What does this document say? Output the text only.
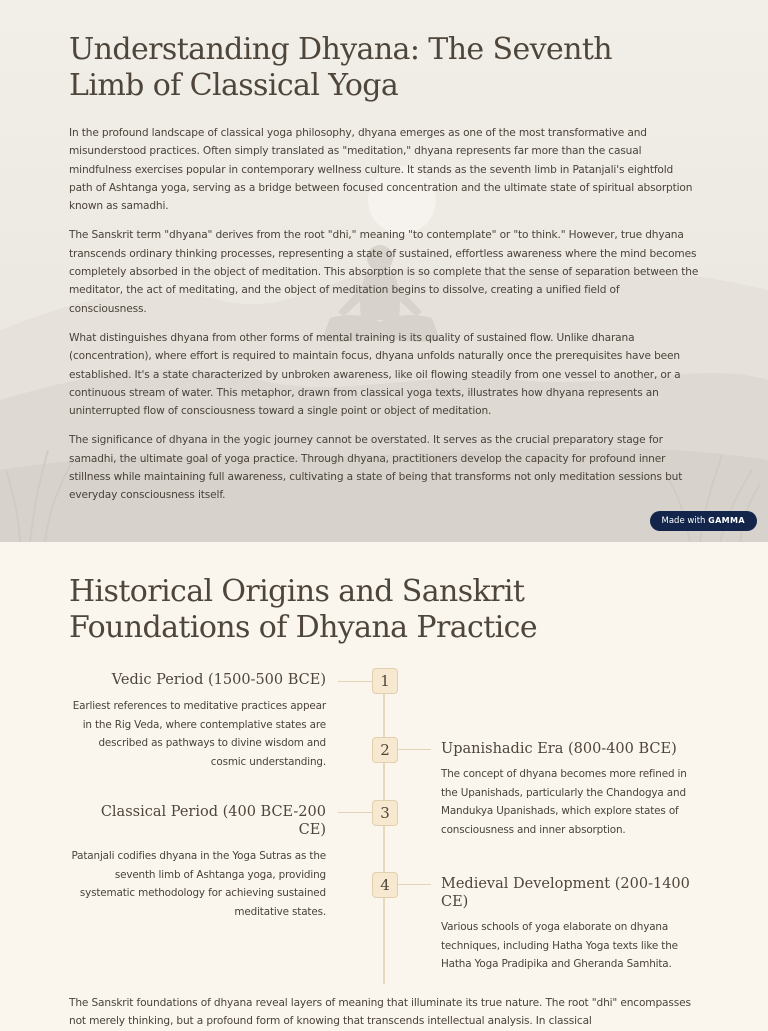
Understanding Dhyana: The Seventh Limb of Classical Yoga

In the profound landscape of classical yoga philosophy, dhyana emerges as one of the most transformative and misunderstood practices. Often simply translated as "meditation," dhyana represents far more than the casual mindfulness exercises popular in contemporary wellness culture. It stands as the seventh limb in Patanjali's eightfold path of Ashtanga yoga, serving as a bridge between focused concentration and the ultimate state of spiritual absorption known as samadhi.

The Sanskrit term "dhyana" derives from the root "dhi," meaning "to contemplate" or "to think." However, true dhyana transcends ordinary thinking processes, representing a state of sustained, effortless awareness where the mind becomes completely absorbed in the object of meditation. This absorption is so complete that the sense of separation between the meditator, the act of meditating, and the object of meditation begins to dissolve, creating a unified field of consciousness.

What distinguishes dhyana from other forms of mental training is its quality of sustained flow. Unlike dharana (concentration), where effort is required to maintain focus, dhyana unfolds naturally once the prerequisites have been established. It's a state characterized by unbroken awareness, like oil flowing steadily from one vessel to another, or a continuous stream of water. This metaphor, drawn from classical yoga texts, illustrates how dhyana represents an uninterrupted flow of consciousness toward a single point or object of meditation.

The significance of dhyana in the yogic journey cannot be overstated. It serves as the crucial preparatory stage for samadhi, the ultimate goal of yoga practice. Through dhyana, practitioners develop the capacity for profound inner stillness while maintaining full awareness, cultivating a state of being that transforms not only meditation sessions but everyday consciousness itself.

Made with GAMMA
Historical Origins and Sanskrit Foundations of Dhyana Practice
1
Vedic Period (1500-500 BCE)
Earliest references to meditative practices appear in the Rig Veda, where contemplative states are described as pathways to divine wisdom and cosmic understanding.
2	Upanishadic Era (800-400 BCE)
The concept of dhyana becomes more refined in the Upanishads, particularly the Chandogya and Mandukya Upanishads, which explore states of consciousness and inner absorption.
3
Classical Period (400 BCE-200 CE)
Patanjali codifies dhyana in the Yoga Sutras as the seventh limb of Ashtanga yoga, providing systematic methodology for achieving sustained meditative states.
4	Medieval Development (200-1400 CE)
Various schools of yoga elaborate on dhyana techniques, including Hatha Yoga texts like the Hatha Yoga Pradipika and Gheranda Samhita.

The Sanskrit foundations of dhyana reveal layers of meaning that illuminate its true nature. The root "dhi" encompasses not merely thinking, but a profound form of knowing that transcends intellectual analysis. In classical
